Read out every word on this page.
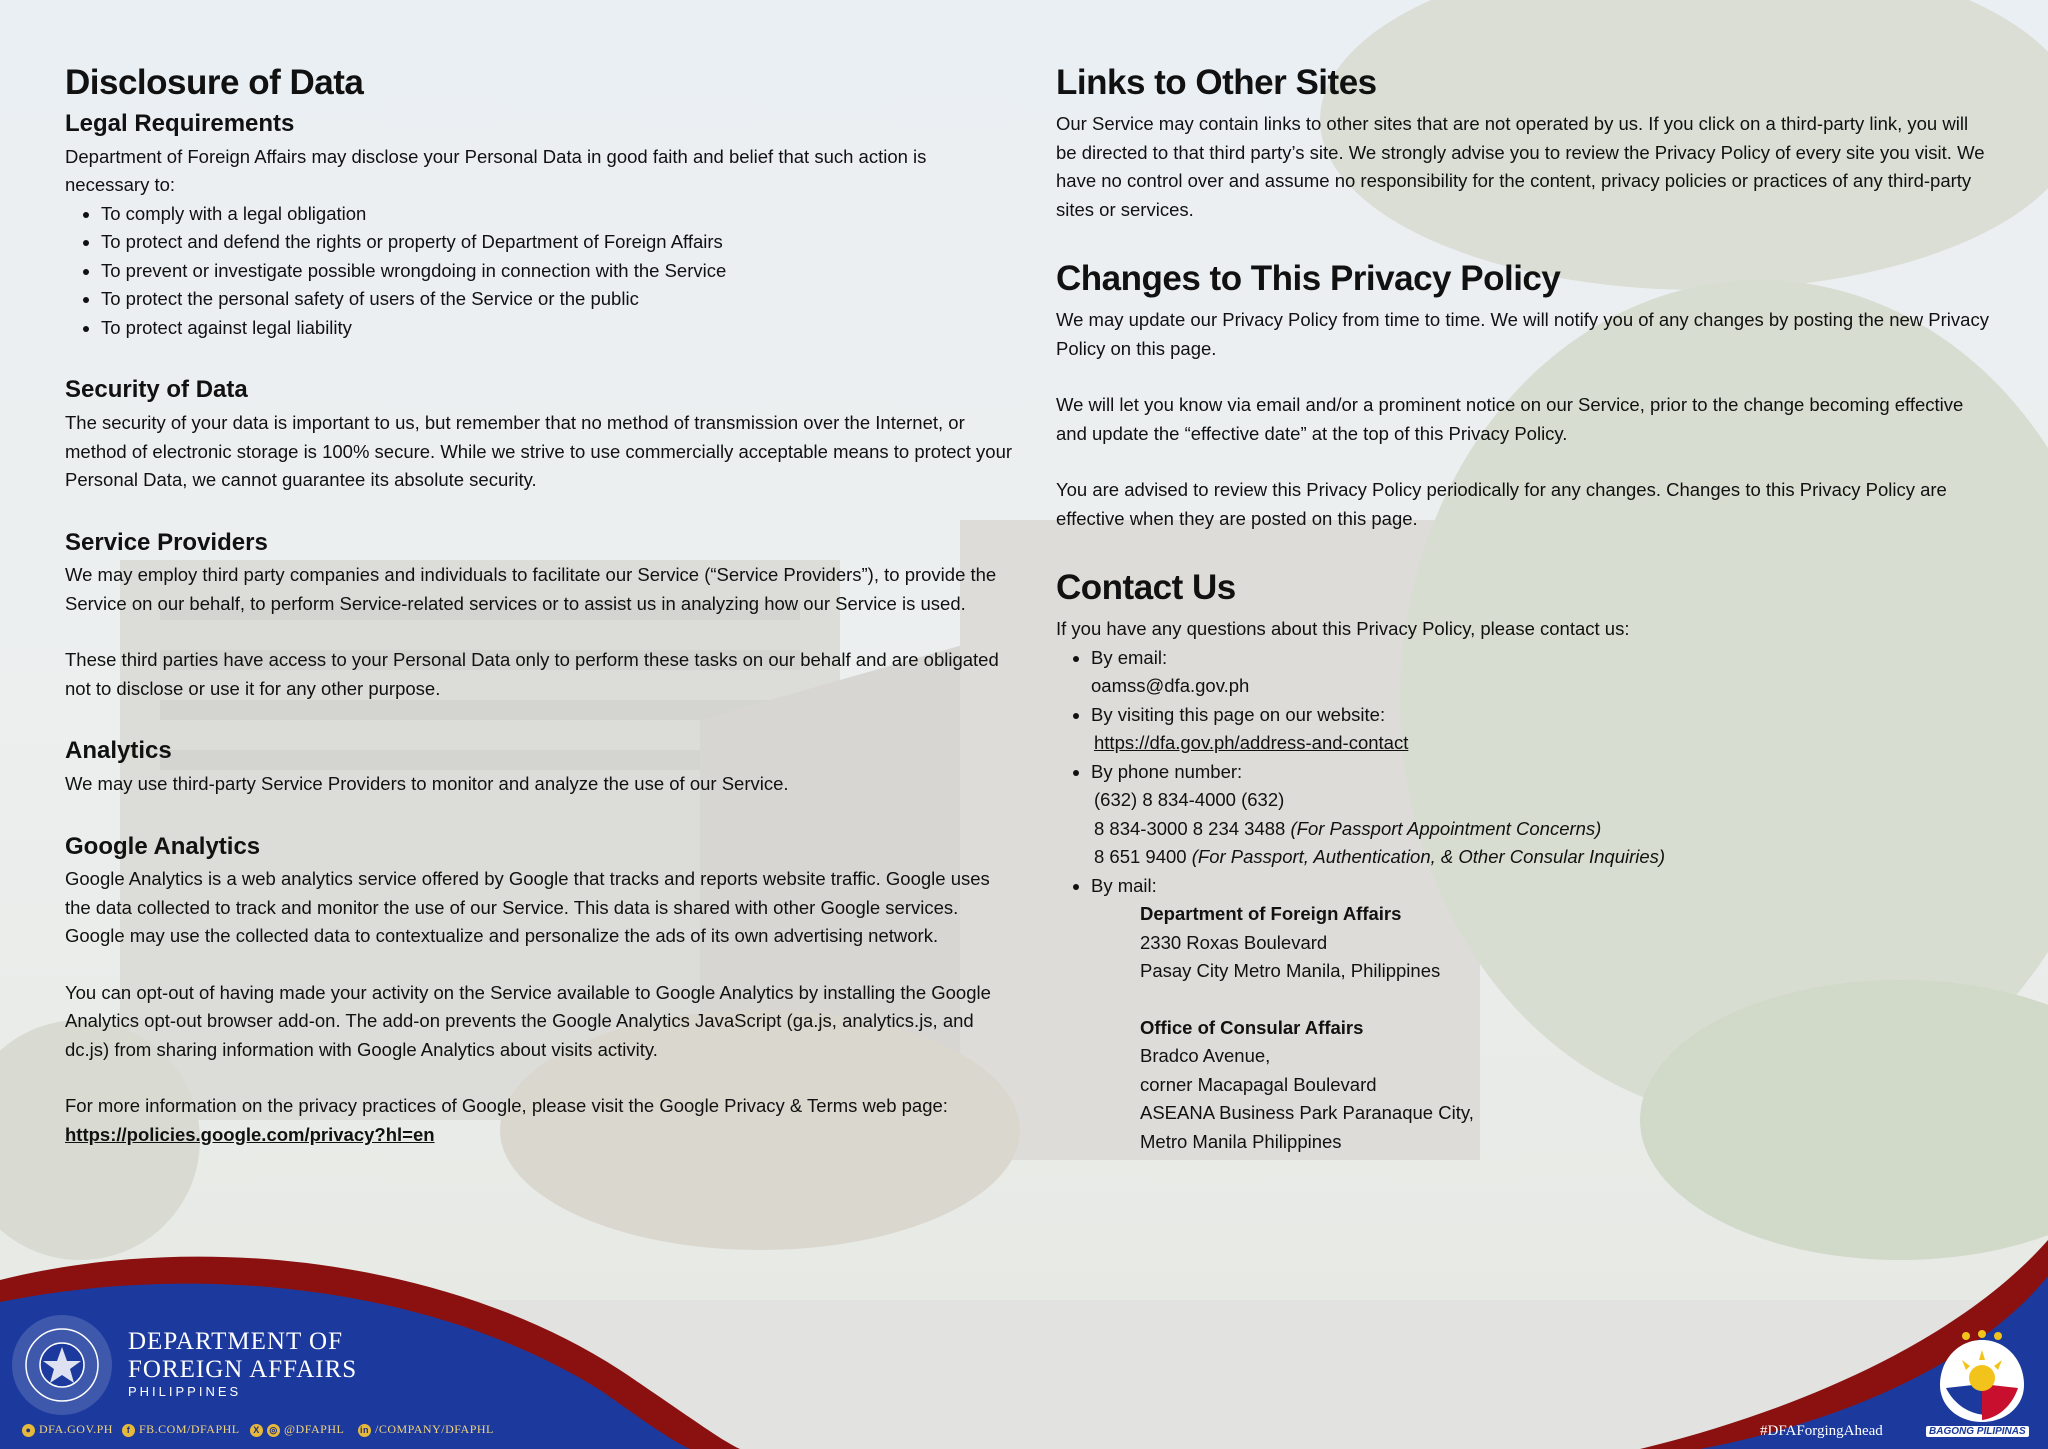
Disclosure of Data
Legal Requirements

Department of Foreign Affairs may disclose your Personal Data in good faith and belief that such action is necessary to:

• To comply with a legal obligation
• To protect and defend the rights or property of Department of Foreign Affairs
• To prevent or investigate possible wrongdoing in connection with the Service
• To protect the personal safety of users of the Service or the public
• To protect against legal liability
Security of Data

The security of your data is important to us, but remember that no method of transmission over the Internet, or method of electronic storage is 100% secure. While we strive to use commercially acceptable means to protect your Personal Data, we cannot guarantee its absolute security.

Service Providers

We may employ third party companies and individuals to facilitate our Service (“Service Providers”), to provide the Service on our behalf, to perform Service-related services or to assist us in analyzing how our Service is used.

These third parties have access to your Personal Data only to perform these tasks on our behalf and are obligated not to disclose or use it for any other purpose.

Analytics

We may use third-party Service Providers to monitor and analyze the use of our Service.

Google Analytics

Google Analytics is a web analytics service offered by Google that tracks and reports website traffic. Google uses the data collected to track and monitor the use of our Service. This data is shared with other Google services. Google may use the collected data to contextualize and personalize the ads of its own advertising network.

You can opt-out of having made your activity on the Service available to Google Analytics by installing the Google Analytics opt-out browser add-on. The add-on prevents the Google Analytics JavaScript (ga.js, analytics.js, and dc.js) from sharing information with Google Analytics about visits activity.

For more information on the privacy practices of Google, please visit the Google Privacy & Terms web page:

https://policies.google.com/privacy?hl=en

Links to Other Sites

Our Service may contain links to other sites that are not operated by us. If you click on a third-party link, you will be directed to that third party’s site. We strongly advise you to review the Privacy Policy of every site you visit. We have no control over and assume no responsibility for the content, privacy policies or practices of any third-party sites or services.

Changes to This Privacy Policy

We may update our Privacy Policy from time to time. We will notify you of any changes by posting the new Privacy Policy on this page.

We will let you know via email and/or a prominent notice on our Service, prior to the change becoming effective and update the “effective date” at the top of this Privacy Policy.

You are advised to review this Privacy Policy periodically for any changes. Changes to this Privacy Policy are effective when they are posted on this page.

Contact Us

If you have any questions about this Privacy Policy, please contact us:

• By email:
oamss@dfa.gov.ph
• By visiting this page on our website:
https://dfa.gov.ph/address-and-contact
• By phone number:
(632) 8 834-4000 (632)
8 834-3000 8 234 3488 (For Passport Appointment Concerns)
8 651 9400 (For Passport, Authentication, & Other Consular Inquiries)
• By mail:
Department of Foreign Affairs
2330 Roxas Boulevard
Pasay City Metro Manila, Philippines
Office of Consular Affairs
Bradco Avenue,
corner Macapagal Boulevard
ASEANA Business Park Paranaque City,
Metro Manila Philippines
DEPARTMENT OF
FOREIGN AFFAIRS
PHILIPPINES
● DFA.GOV.PH	f FB.COM/DFAPHL	X ◎ @DFAPHL in /COMPANY/DFAPHL	#DFAForgingAhead	BAGONG PILIPINAS
